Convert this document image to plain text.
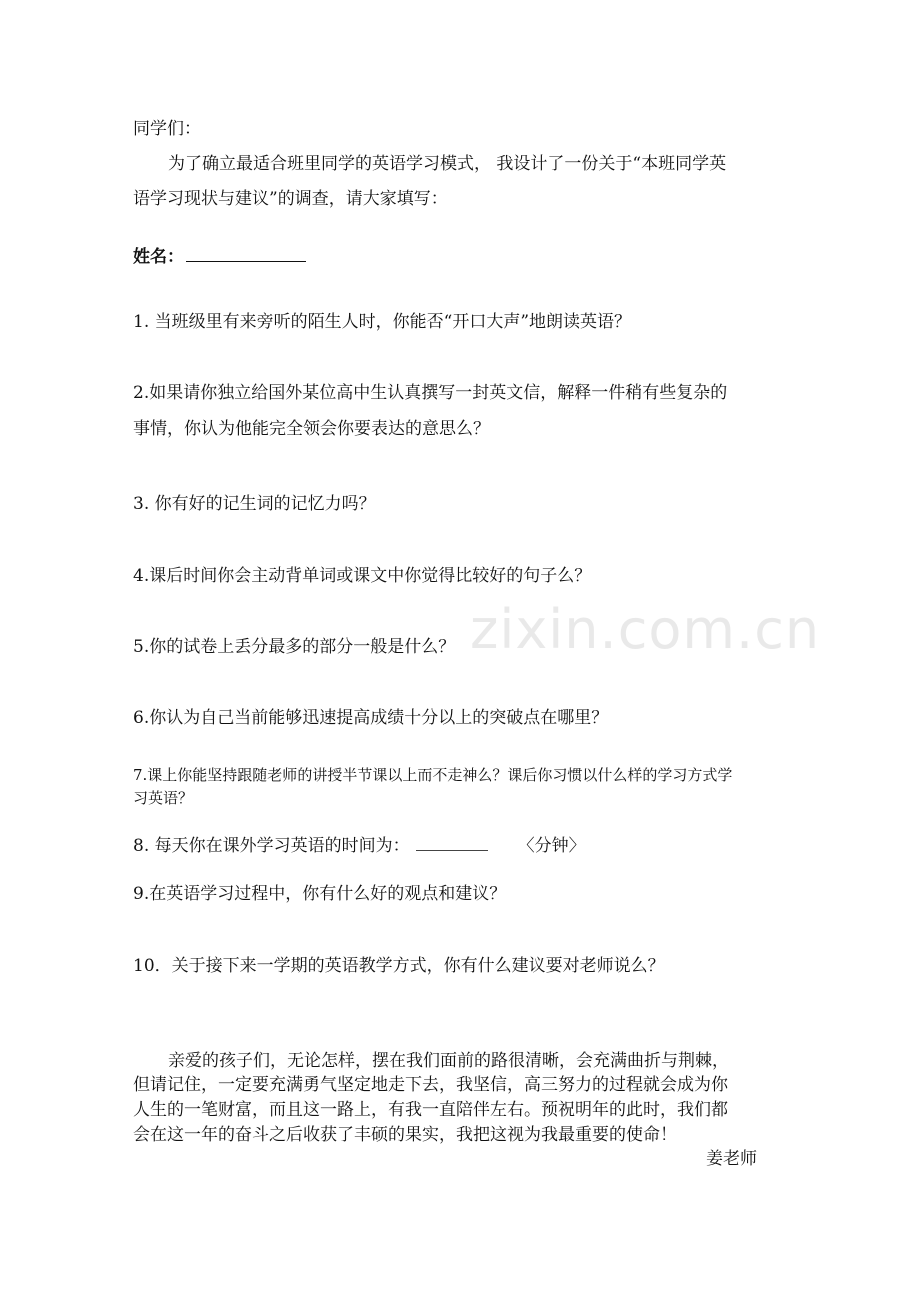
同学们：
为了确立最适合班里同学的英语学习模式， 我设计了一份关于“本班同学英
语学习现状与建议”的调查，请大家填写：
姓名：
1. 当班级里有来旁听的陌生人时，你能否“开口大声”地朗读英语？
2.如果请你独立给国外某位高中生认真撰写一封英文信，解释一件稍有些复杂的
事情，你认为他能完全领会你要表达的意思么？
3. 你有好的记生词的记忆力吗？
4.课后时间你会主动背单词或课文中你觉得比较好的句子么？
5.你的试卷上丢分最多的部分一般是什么？
6.你认为自己当前能够迅速提高成绩十分以上的突破点在哪里？
7.课上你能坚持跟随老师的讲授半节课以上而不走神么？课后你习惯以什么样的学习方式学
习英语？
8. 每天你在课外学习英语的时间为：	〈分钟〉
9.在英语学习过程中，你有什么好的观点和建议？
10．关于接下来一学期的英语教学方式，你有什么建议要对老师说么？
亲爱的孩子们，无论怎样，摆在我们面前的路很清晰，会充满曲折与荆棘，
但请记住，一定要充满勇气坚定地走下去，我坚信，高三努力的过程就会成为你
人生的一笔财富，而且这一路上，有我一直陪伴左右。预祝明年的此时，我们都
会在这一年的奋斗之后收获了丰硕的果实，我把这视为我最重要的使命！
姜老师
zixin.com.cn
